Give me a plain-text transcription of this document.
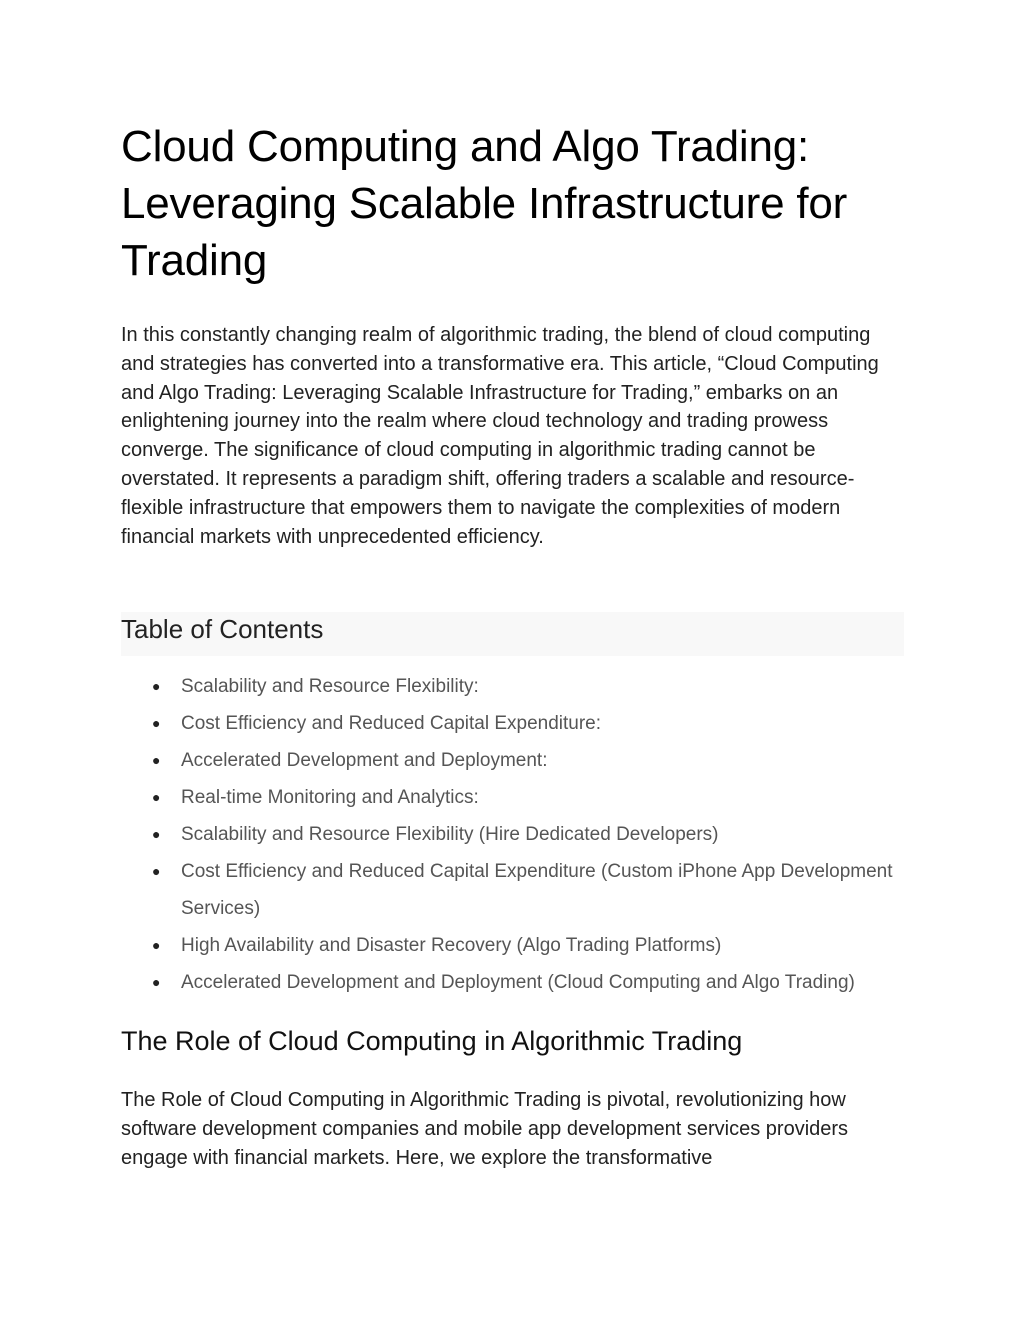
Cloud Computing and Algo Trading: Leveraging Scalable Infrastructure for Trading

In this constantly changing realm of algorithmic trading, the blend of cloud computing and strategies has converted into a transformative era. This article, “Cloud Computing and Algo Trading: Leveraging Scalable Infrastructure for Trading,” embarks on an enlightening journey into the realm where cloud technology and trading prowess converge. The significance of cloud computing in algorithmic trading cannot be overstated. It represents a paradigm shift, offering traders a scalable and resource-flexible infrastructure that empowers them to navigate the complexities of modern financial markets with unprecedented efficiency.

Table of Contents
● Scalability and Resource Flexibility:
● Cost Efficiency and Reduced Capital Expenditure:
● Accelerated Development and Deployment:
● Real-time Monitoring and Analytics:
● Scalability and Resource Flexibility (Hire Dedicated Developers)
● Cost Efficiency and Reduced Capital Expenditure (Custom iPhone App Development Services)
● High Availability and Disaster Recovery (Algo Trading Platforms)
● Accelerated Development and Deployment (Cloud Computing and Algo Trading)
The Role of Cloud Computing in Algorithmic Trading

The Role of Cloud Computing in Algorithmic Trading is pivotal, revolutionizing how software development companies and mobile app development services providers engage with financial markets. Here, we explore the transformative
